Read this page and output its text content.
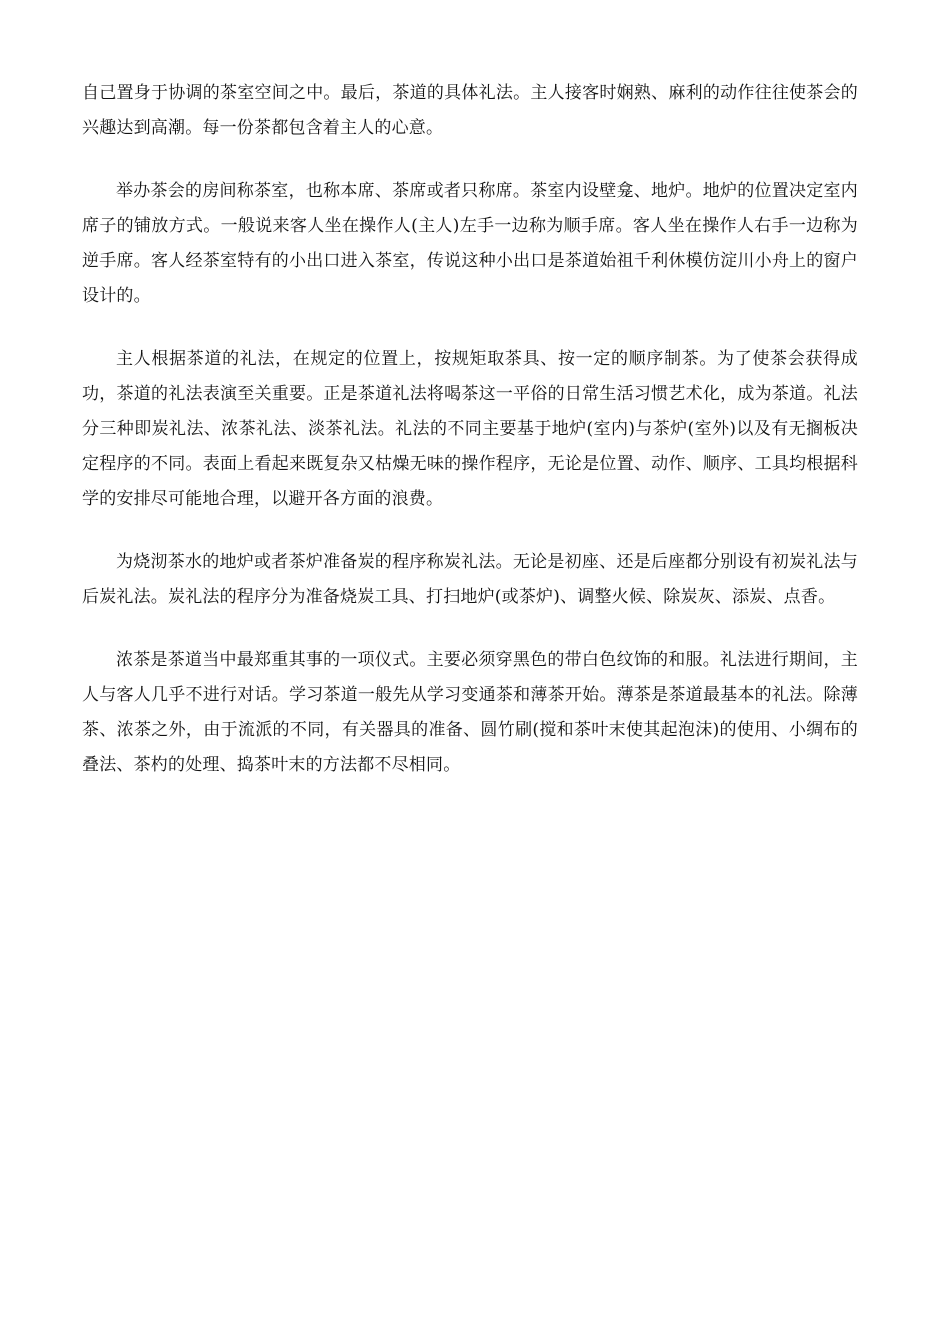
自己置身于协调的茶室空间之中。最后，茶道的具体礼法。主人接客时娴熟、麻利的动作往往使茶会的兴趣达到高潮。每一份茶都包含着主人的心意。

举办茶会的房间称茶室，也称本席、茶席或者只称席。茶室内设壁龛、地炉。地炉的位置决定室内席子的铺放方式。一般说来客人坐在操作人(主人)左手一边称为顺手席。客人坐在操作人右手一边称为逆手席。客人经茶室特有的小出口进入茶室，传说这种小出口是茶道始祖千利休模仿淀川小舟上的窗户设计的。

主人根据茶道的礼法，在规定的位置上，按规矩取茶具、按一定的顺序制茶。为了使茶会获得成功，茶道的礼法表演至关重要。正是茶道礼法将喝茶这一平俗的日常生活习惯艺术化，成为茶道。礼法分三种即炭礼法、浓茶礼法、淡茶礼法。礼法的不同主要基于地炉(室内)与茶炉(室外)以及有无搁板决定程序的不同。表面上看起来既复杂又枯燥无味的操作程序，无论是位置、动作、顺序、工具均根据科学的安排尽可能地合理，以避开各方面的浪费。

为烧沏茶水的地炉或者茶炉准备炭的程序称炭礼法。无论是初座、还是后座都分别设有初炭礼法与后炭礼法。炭礼法的程序分为准备烧炭工具、打扫地炉(或茶炉)、调整火候、除炭灰、添炭、点香。

浓茶是茶道当中最郑重其事的一项仪式。主要必须穿黑色的带白色纹饰的和服。礼法进行期间，主人与客人几乎不进行对话。学习茶道一般先从学习变通茶和薄茶开始。薄茶是茶道最基本的礼法。除薄茶、浓茶之外，由于流派的不同，有关器具的准备、圆竹刷(搅和茶叶末使其起泡沫)的使用、小绸布的叠法、茶杓的处理、捣茶叶末的方法都不尽相同。
